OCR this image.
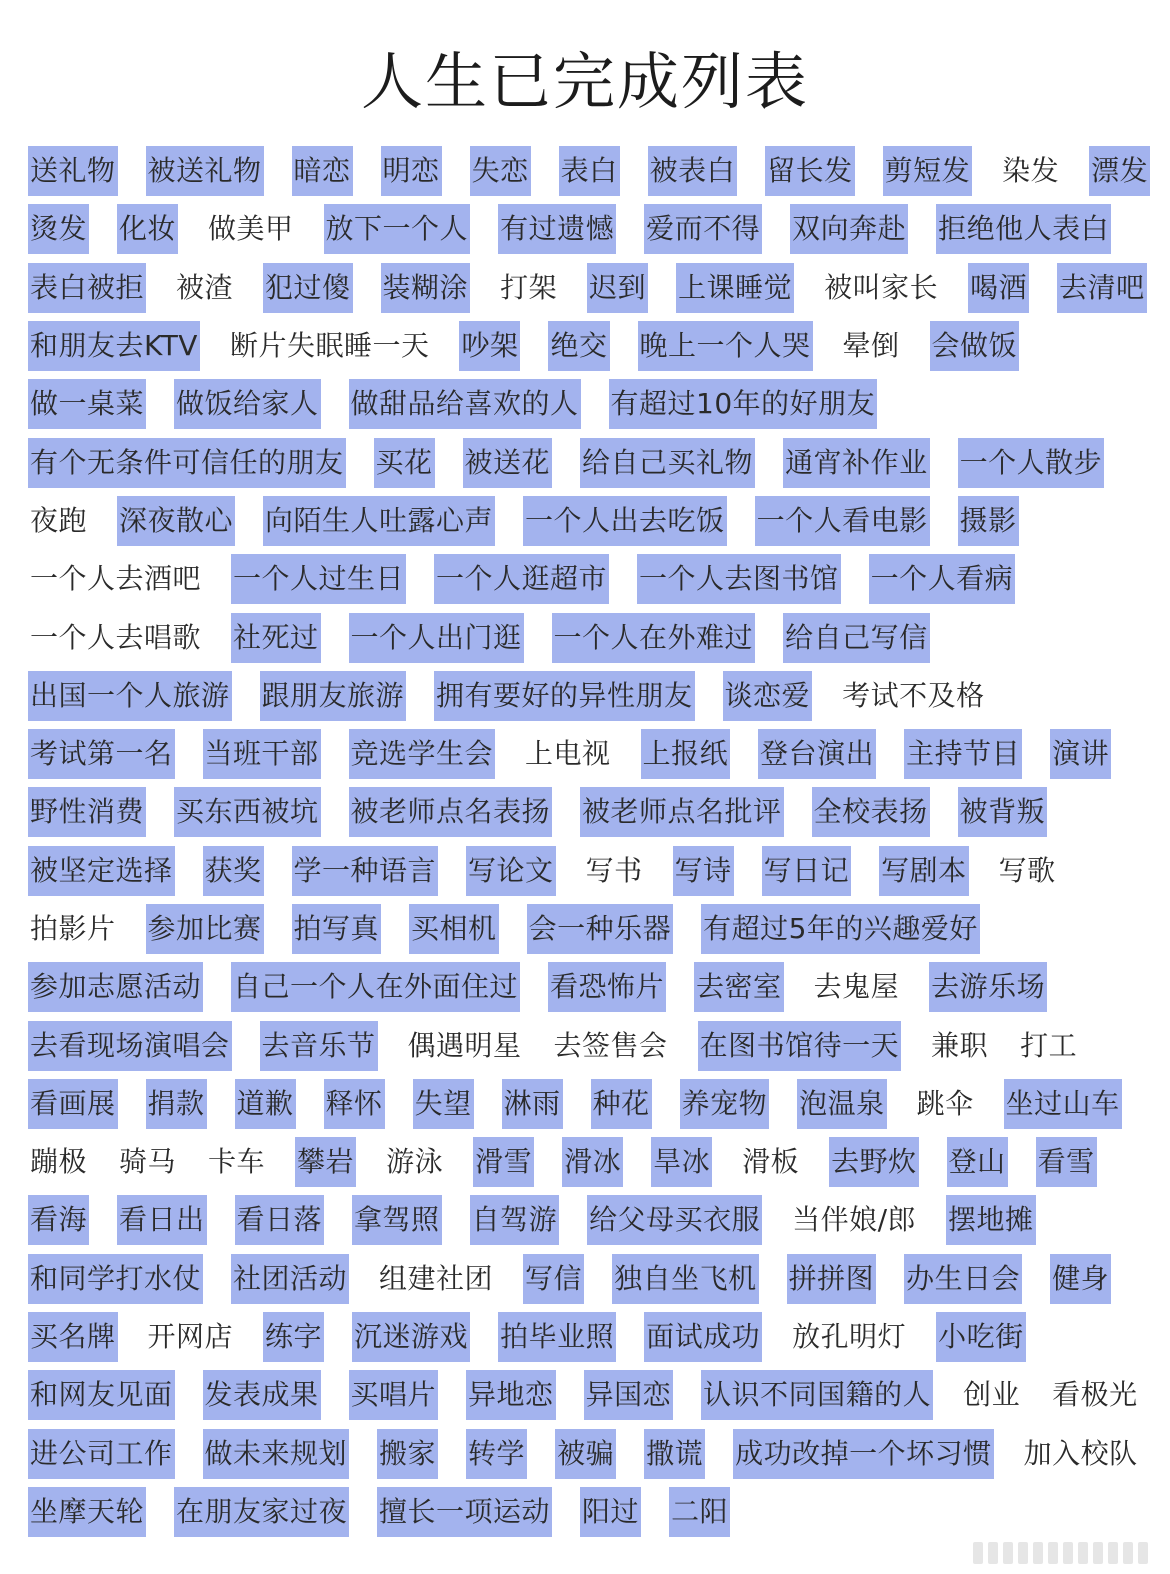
人生已完成列表
送礼物 被送礼物 暗恋 明恋 失恋 表白 被表白 留长发 剪短发 染发 漂发
烫发 化妆 做美甲 放下一个人 有过遗憾 爱而不得 双向奔赴 拒绝他人表白
表白被拒 被渣 犯过傻 装糊涂 打架 迟到 上课睡觉 被叫家长 喝酒 去清吧
和朋友去KTV 断片失眠睡一天 吵架 绝交 晚上一个人哭 晕倒 会做饭
做一桌菜 做饭给家人 做甜品给喜欢的人 有超过10年的好朋友
有个无条件可信任的朋友 买花 被送花 给自己买礼物 通宵补作业 一个人散步
夜跑 深夜散心 向陌生人吐露心声 一个人出去吃饭 一个人看电影 摄影
一个人去酒吧 一个人过生日 一个人逛超市 一个人去图书馆 一个人看病
一个人去唱歌 社死过 一个人出门逛 一个人在外难过 给自己写信
出国一个人旅游 跟朋友旅游 拥有要好的异性朋友 谈恋爱 考试不及格
考试第一名 当班干部 竞选学生会 上电视 上报纸 登台演出 主持节目 演讲
野性消费 买东西被坑 被老师点名表扬 被老师点名批评 全校表扬 被背叛
被坚定选择 获奖 学一种语言 写论文 写书 写诗 写日记 写剧本 写歌
拍影片 参加比赛 拍写真 买相机 会一种乐器 有超过5年的兴趣爱好
参加志愿活动 自己一个人在外面住过 看恐怖片 去密室 去鬼屋 去游乐场
去看现场演唱会 去音乐节 偶遇明星 去签售会 在图书馆待一天 兼职 打工
看画展 捐款 道歉 释怀 失望 淋雨 种花 养宠物 泡温泉 跳伞 坐过山车
蹦极 骑马 卡车 攀岩 游泳 滑雪 滑冰 旱冰 滑板 去野炊 登山 看雪
看海 看日出 看日落 拿驾照 自驾游 给父母买衣服 当伴娘/郎 摆地摊
和同学打水仗 社团活动 组建社团 写信 独自坐飞机 拼拼图 办生日会 健身
买名牌 开网店 练字 沉迷游戏 拍毕业照 面试成功 放孔明灯 小吃街
和网友见面 发表成果 买唱片 异地恋 异国恋 认识不同国籍的人 创业 看极光
进公司工作 做未来规划 搬家 转学 被骗 撒谎 成功改掉一个坏习惯 加入校队
坐摩天轮 在朋友家过夜 擅长一项运动 阳过 二阳
